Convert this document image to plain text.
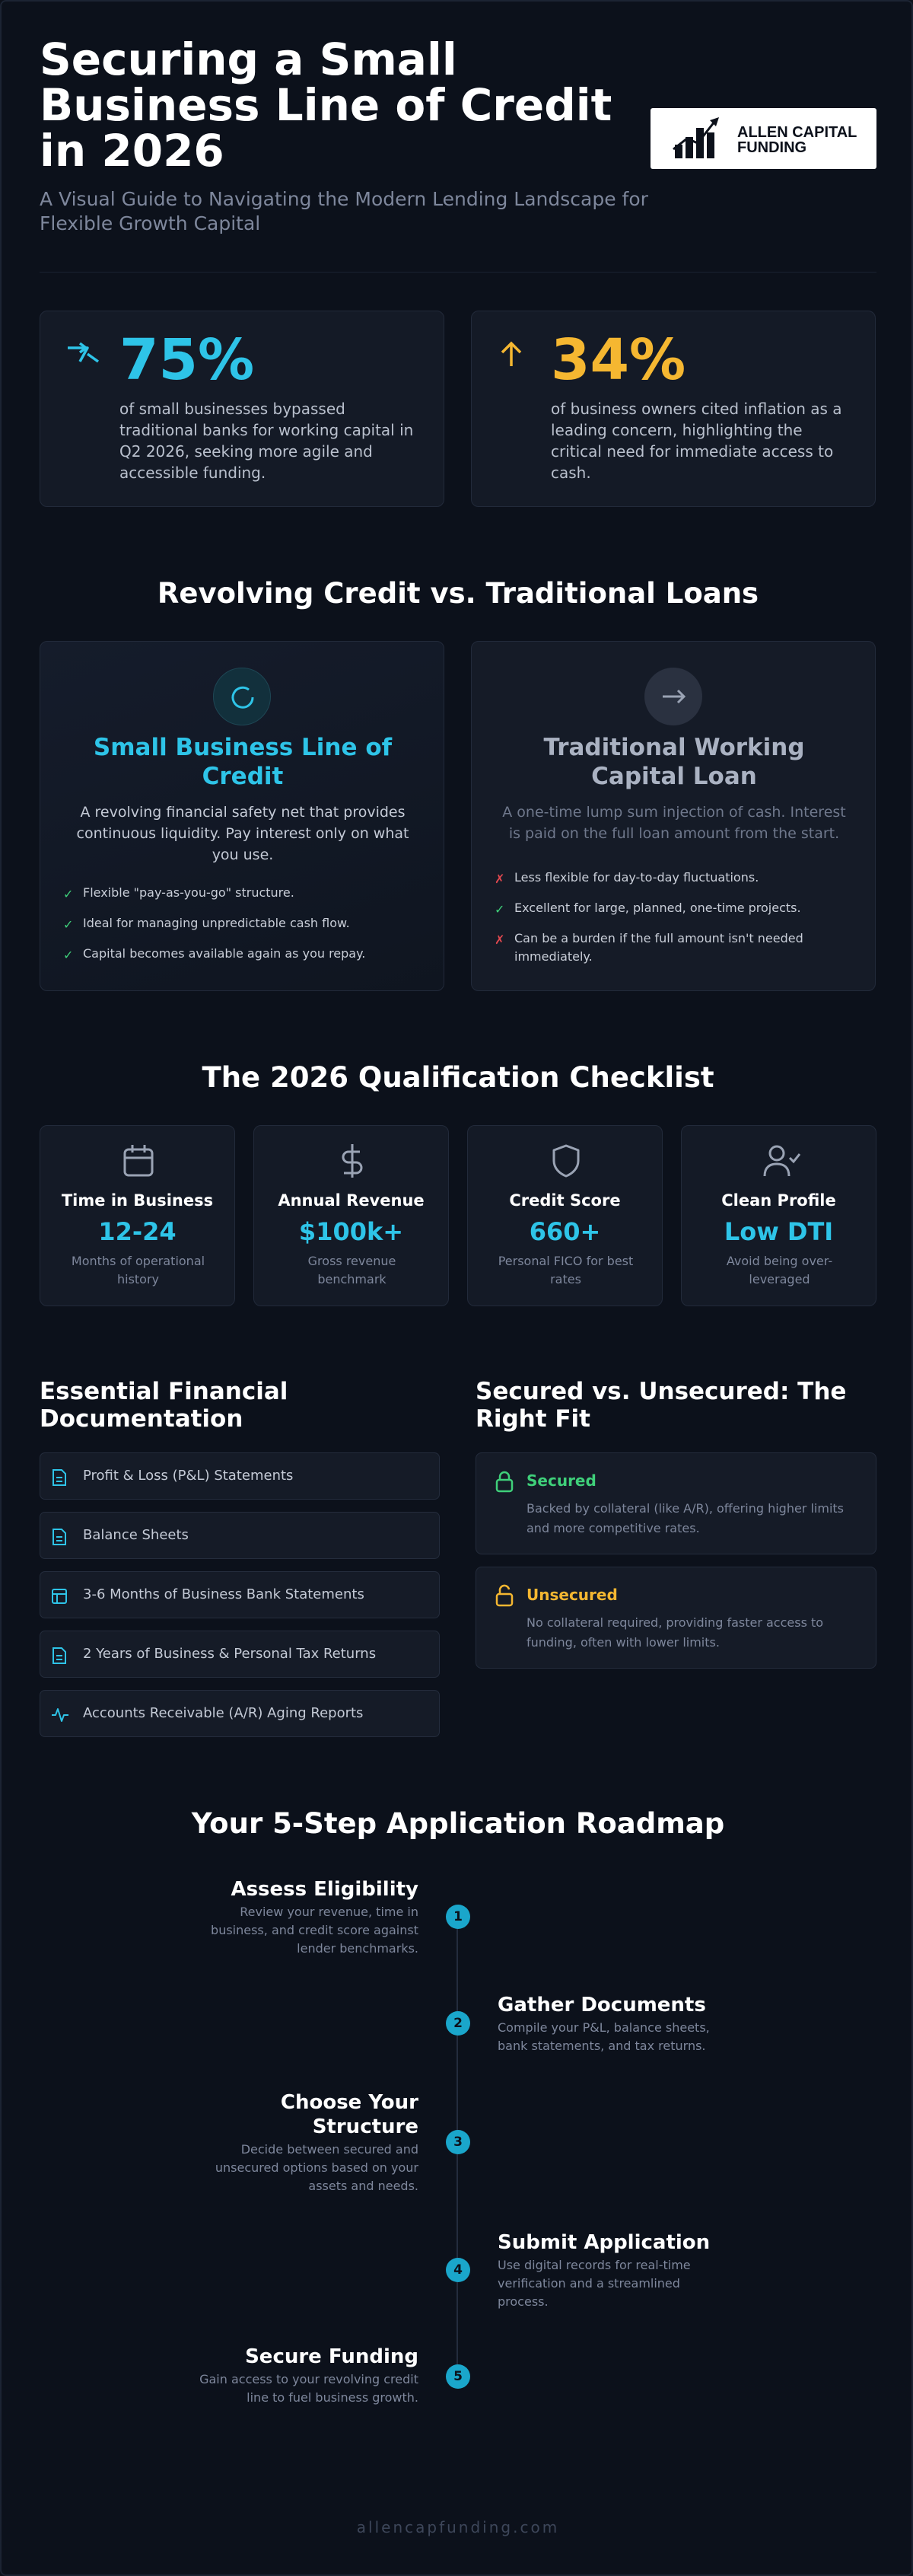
Securing a Small Business Line of Credit in 2026
A Visual Guide to Navigating the Modern Lending Landscape for Flexible Growth Capital
ALLEN CAPITAL
FUNDING
75%
of small businesses bypassed traditional banks for working capital in Q2 2026, seeking more agile and accessible funding.
34%
of business owners cited inflation as a leading concern, highlighting the critical need for immediate access to cash.
Revolving Credit vs. Traditional Loans
Small Business Line of Credit
A revolving financial safety net that provides continuous liquidity. Pay interest only on what you use.
✓ Flexible "pay-as-you-go" structure.
✓ Ideal for managing unpredictable cash flow.
✓ Capital becomes available again as you repay.
Traditional Working Capital Loan
A one-time lump sum injection of cash. Interest is paid on the full loan amount from the start.
✗ Less flexible for day-to-day fluctuations.
✓ Excellent for large, planned, one-time projects.
✗ Can be a burden if the full amount isn't needed immediately.
The 2026 Qualification Checklist
Time in Business
12-24
Months of operational history
Annual Revenue
$100k+
Gross revenue benchmark
Credit Score
660+
Personal FICO for best rates
Clean Profile
Low DTI
Avoid being over-leveraged
Essential Financial Documentation
Profit & Loss (P&L) Statements
Balance Sheets
3-6 Months of Business Bank Statements
2 Years of Business & Personal Tax Returns
Accounts Receivable (A/R) Aging Reports
Secured vs. Unsecured: The Right Fit
Secured
Backed by collateral (like A/R), offering higher limits and more competitive rates.
Unsecured
No collateral required, providing faster access to funding, often with lower limits.
Your 5-Step Application Roadmap
1
Assess Eligibility
Review your revenue, time in business, and credit score against lender benchmarks.
2
Gather Documents
Compile your P&L, balance sheets, bank statements, and tax returns.
3
Choose Your Structure
Decide between secured and unsecured options based on your assets and needs.
4
Submit Application
Use digital records for real-time verification and a streamlined process.
5
Secure Funding
Gain access to your revolving credit line to fuel business growth.
allencapfunding.com
